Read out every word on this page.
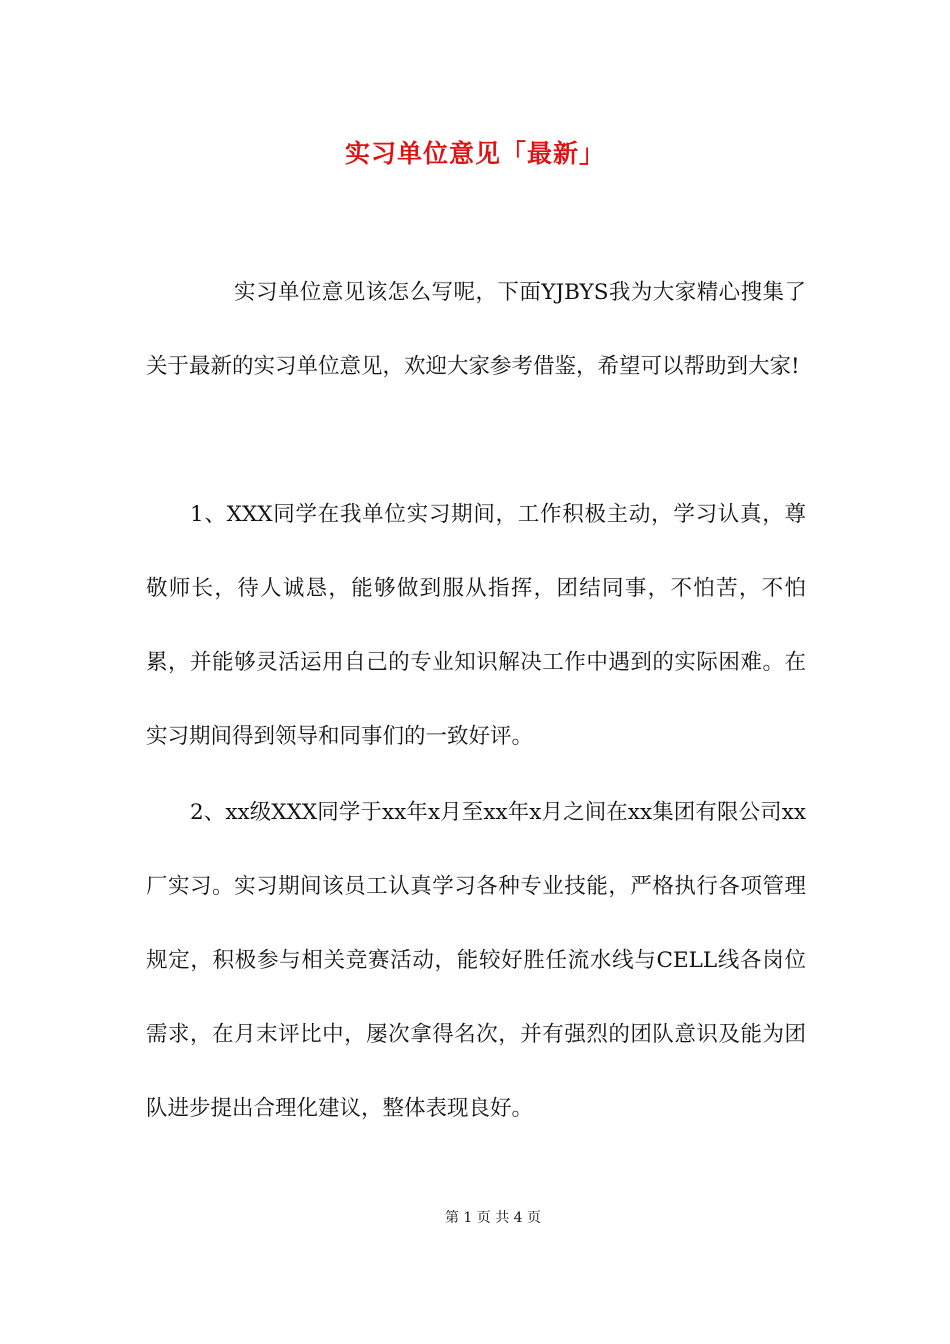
实习单位意见「最新」

实习单位意见该怎么写呢，下面YJBYS我为大家精心搜集了关于最新的实习单位意见，欢迎大家参考借鉴，希望可以帮助到大家!

1、XXX同学在我单位实习期间，工作积极主动，学习认真，尊敬师长，待人诚恳，能够做到服从指挥，团结同事，不怕苦，不怕累，并能够灵活运用自己的专业知识解决工作中遇到的实际困难。在实习期间得到领导和同事们的一致好评。

2、xx级XXX同学于xx年x月至xx年x月之间在xx集团有限公司xx厂实习。实习期间该员工认真学习各种专业技能，严格执行各项管理规定，积极参与相关竞赛活动，能较好胜任流水线与CELL线各岗位需求，在月末评比中，屡次拿得名次，并有强烈的团队意识及能为团队进步提出合理化建议，整体表现良好。

第 1 页 共 4 页
